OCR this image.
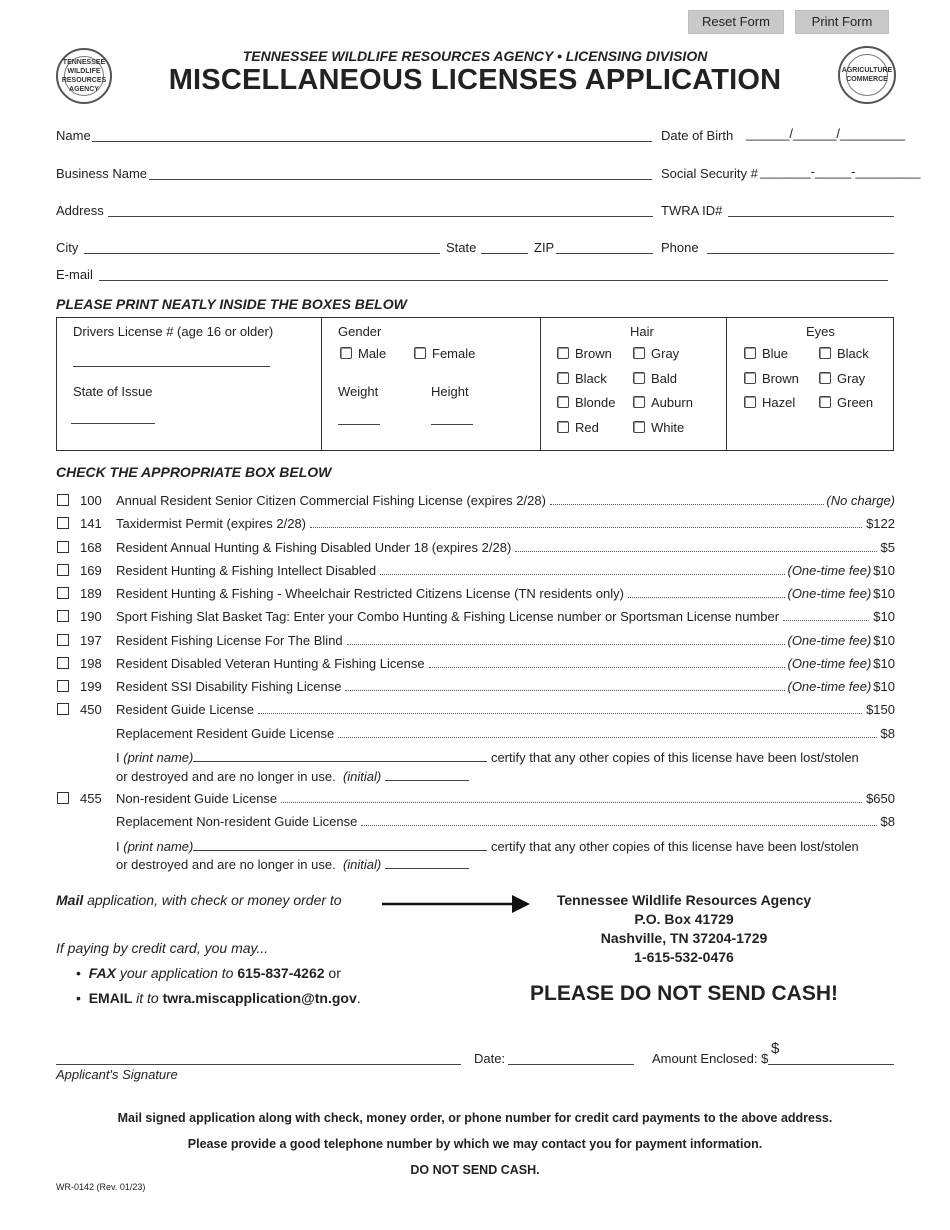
Reset Form	Print Form
TENNESSEE WILDLIFE RESOURCES AGENCY
AGRICULTURE COMMERCE
TENNESSEE WILDLIFE RESOURCES AGENCY • LICENSING DIVISION
MISCELLANEOUS LICENSES APPLICATION
Name	Date of Birth ______/______/_________
Business Name	Social Security # _______-_____-_________
Address	TWRA ID#
City	State	ZIP	Phone
E-mail
PLEASE PRINT NEATLY INSIDE THE BOXES BELOW
Drivers License # (age 16 or older)
State of Issue
Gender
Male	Female
Weight	Height
Hair
Brown	Gray
Black	Bald
Blonde	Auburn
Red	White
Eyes
Blue	Black
Brown	Gray
Hazel	Green
CHECK THE APPROPRIATE BOX BELOW
100	Annual Resident Senior Citizen Commercial Fishing License (expires 2/28)	(No charge)
141	Taxidermist Permit (expires 2/28)	$122
168	Resident Annual Hunting & Fishing Disabled Under 18 (expires 2/28)	$5
169	Resident Hunting & Fishing Intellect Disabled	(One-time fee) $10
189	Resident Hunting & Fishing - Wheelchair Restricted Citizens License (TN residents only)	(One-time fee) $10
190	Sport Fishing Slat Basket Tag: Enter your Combo Hunting & Fishing License number or Sportsman License number	$10
197	Resident Fishing License For The Blind	(One-time fee) $10
198	Resident Disabled Veteran Hunting & Fishing License	(One-time fee) $10
199	Resident SSI Disability Fishing License	(One-time fee) $10
450	Resident Guide License	$150
Replacement Resident Guide License	$8
I (print name)	certify that any other copies of this license have been lost/stolen
or destroyed and are no longer in use. (initial)
455	Non-resident Guide License	$650
Replacement Non-resident Guide License	$8
I (print name)	certify that any other copies of this license have been lost/stolen
or destroyed and are no longer in use. (initial)
Mail application, with check or money order to	Tennessee Wildlife Resources Agency
P.O. Box 41729
Nashville, TN 37204-1729
1-615-532-0476
If paying by credit card, you may...
•  FAX your application to 615-837-4262 or
•  EMAIL it to twra.miscapplication@tn.gov.	PLEASE DO NOT SEND CASH!
Date:	Amount Enclosed: $
$
Applicant's Signature
Mail signed application along with check, money order, or phone number for credit card payments to the above address.
Please provide a good telephone number by which we may contact you for payment information.
DO NOT SEND CASH.
WR-0142 (Rev. 01/23)
